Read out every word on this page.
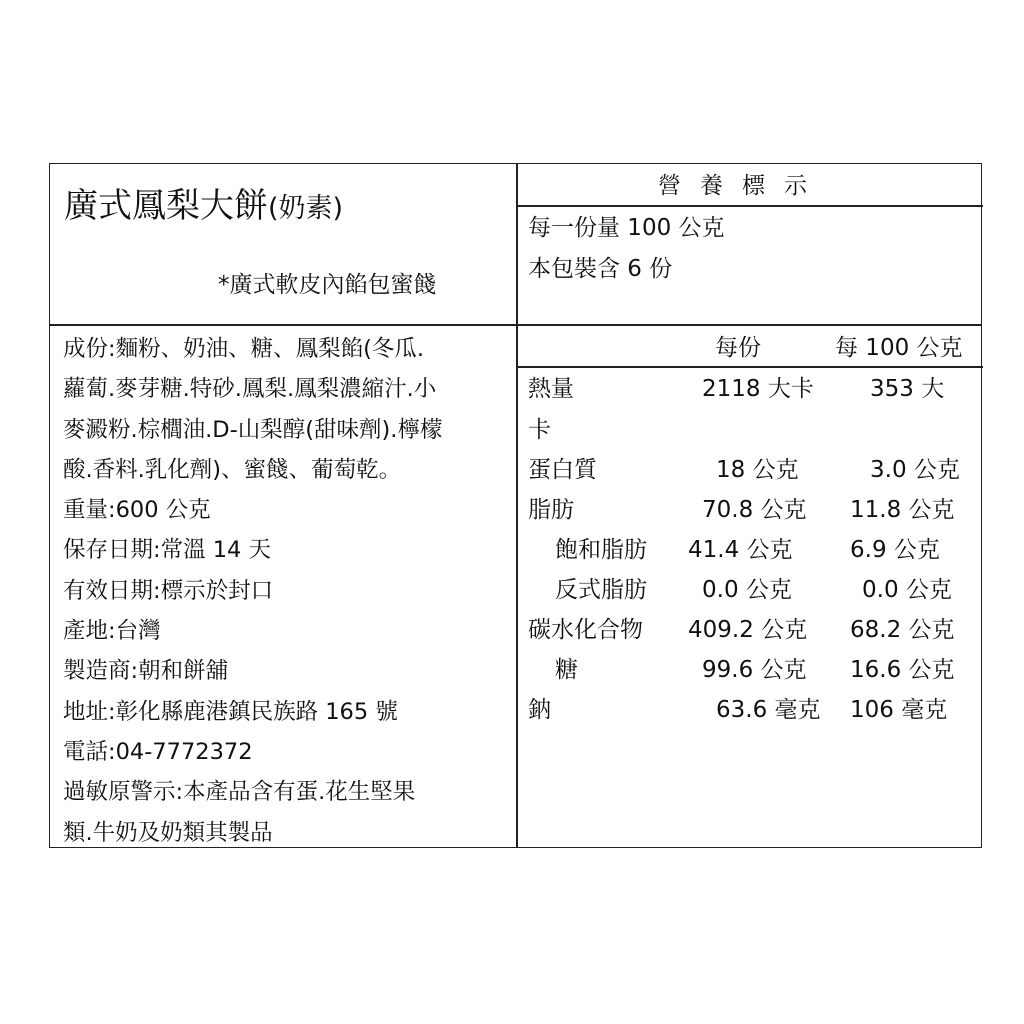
廣式鳳梨大餅(奶素)
*廣式軟皮內餡包蜜餞
成份:麵粉、奶油、糖、鳳梨餡(冬瓜.
蘿蔔.麥芽糖.特砂.鳳梨.鳳梨濃縮汁.小
麥澱粉.棕櫚油.D-山梨醇(甜味劑).檸檬
酸.香料.乳化劑)、蜜餞、葡萄乾。
重量:600 公克
保存日期:常溫 14 天
有效日期:標示於封口
產地:台灣
製造商:朝和餅舖
地址:彰化縣鹿港鎮民族路 165 號
電話:04-7772372
過敏原警示:本產品含有蛋.花生堅果
類.牛奶及奶類其製品
營養標示
每一份量 100 公克
本包裝含 6 份
每份	每 100 公克
熱量	2118 大卡 353 大
卡
蛋白質	18 公克	3.0 公克
脂肪	70.8 公克 11.8 公克
飽和脂肪 41.4 公克 6.9 公克
反式脂肪 0.0 公克	0.0 公克
碳水化合物 409.2 公克 68.2 公克
糖	99.6 公克 16.6 公克
鈉	63.6 毫克 106 毫克
